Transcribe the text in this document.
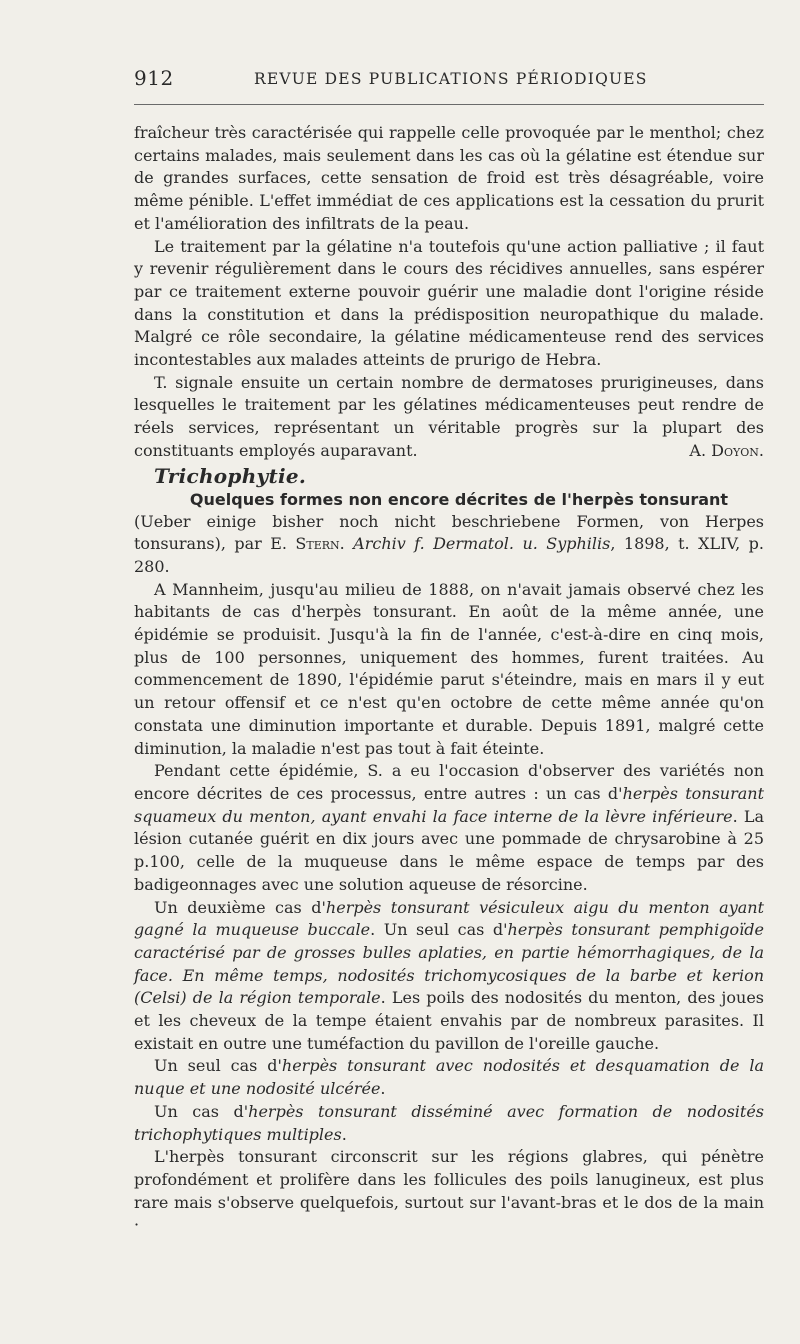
912	REVUE DES PUBLICATIONS PÉRIODIQUES

fraîcheur très caractérisée qui rappelle celle provoquée par le menthol; chez certains malades, mais seulement dans les cas où la gélatine est étendue sur de grandes surfaces, cette sensation de froid est très désagréable, voire même pénible. L'effet immédiat de ces applications est la cessation du prurit et l'amélioration des infiltrats de la peau.

Le traitement par la gélatine n'a toutefois qu'une action palliative ; il faut y revenir régulièrement dans le cours des récidives annuelles, sans espérer par ce traitement externe pouvoir guérir une maladie dont l'origine réside dans la constitution et dans la prédisposition neuropathique du malade. Malgré ce rôle secondaire, la gélatine médicamenteuse rend des services incontestables aux malades atteints de prurigo de Hebra.

T. signale ensuite un certain nombre de dermatoses prurigineuses, dans lesquelles le traitement par les gélatines médicamenteuses peut rendre de réels services, représentant un véritable progrès sur la plupart des constituants employés auparavant.	A. Doyon.

Trichophytie.

Quelques formes non encore décrites de l'herpès tonsurant

(Ueber einige bisher noch nicht beschriebene Formen, von Herpes tonsurans), par E. Stern. Archiv f. Dermatol. u. Syphilis, 1898, t. XLIV, p. 280.

A Mannheim, jusqu'au milieu de 1888, on n'avait jamais observé chez les habitants de cas d'herpès tonsurant. En août de la même année, une épidémie se produisit. Jusqu'à la fin de l'année, c'est-à-dire en cinq mois, plus de 100 personnes, uniquement des hommes, furent traitées. Au commencement de 1890, l'épidémie parut s'éteindre, mais en mars il y eut un retour offensif et ce n'est qu'en octobre de cette même année qu'on constata une diminution importante et durable. Depuis 1891, malgré cette diminution, la maladie n'est pas tout à fait éteinte.

Pendant cette épidémie, S. a eu l'occasion d'observer des variétés non encore décrites de ces processus, entre autres : un cas d'herpès tonsurant squameux du menton, ayant envahi la face interne de la lèvre inférieure. La lésion cutanée guérit en dix jours avec une pommade de chrysarobine à 25 p.100, celle de la muqueuse dans le même espace de temps par des badigeonnages avec une solution aqueuse de résorcine.

Un deuxième cas d'herpès tonsurant vésiculeux aigu du menton ayant gagné la muqueuse buccale. Un seul cas d'herpès tonsurant pemphigoïde caractérisé par de grosses bulles aplaties, en partie hémorrhagiques, de la face. En même temps, nodosités trichomycosiques de la barbe et kerion (Celsi) de la région temporale. Les poils des nodosités du menton, des joues et les cheveux de la tempe étaient envahis par de nombreux parasites. Il existait en outre une tuméfaction du pavillon de l'oreille gauche.

Un seul cas d'herpès tonsurant avec nodosités et desquamation de la nuque et une nodosité ulcérée.

Un cas d'herpès tonsurant disséminé avec formation de nodosités trichophytiques multiples.

L'herpès tonsurant circonscrit sur les régions glabres, qui pénètre profondément et prolifère dans les follicules des poils lanugineux, est plus rare mais s'observe quelquefois, surtout sur l'avant-bras et le dos de la main ·
